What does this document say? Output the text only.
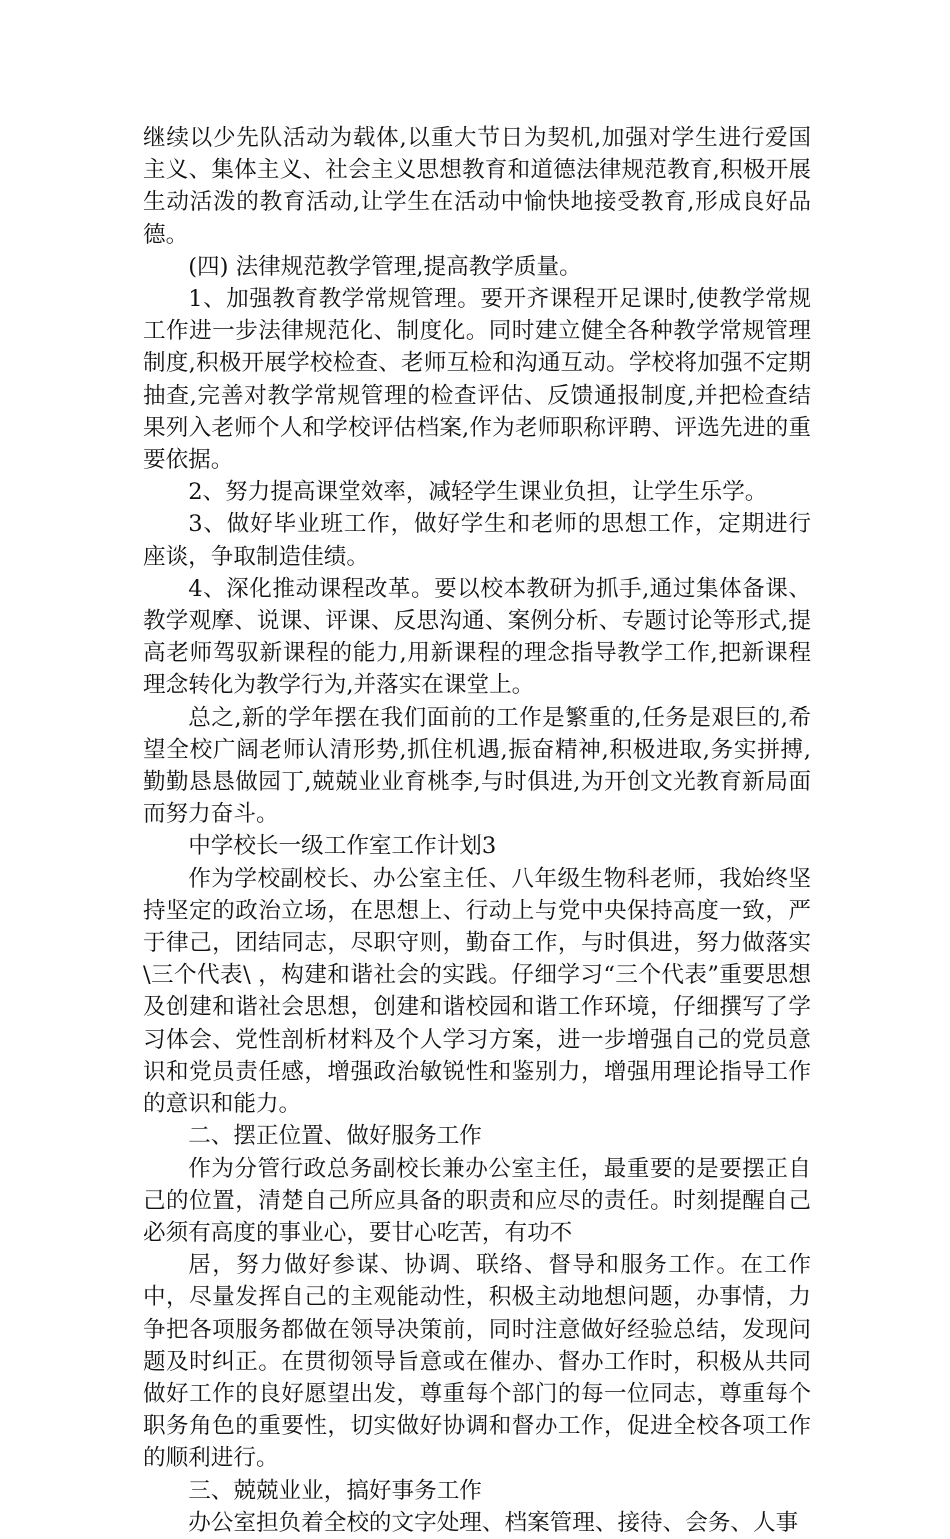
继续以少先队活动为载体,以重大节日为契机,加强对学生进行爱国主义、集体主义、社会主义思想教育和道德法律规范教育,积极开展生动活泼的教育活动,让学生在活动中愉快地接受教育,形成良好品德。

(四) 法律规范教学管理,提高教学质量。

1、加强教育教学常规管理。要开齐课程开足课时,使教学常规工作进一步法律规范化、制度化。同时建立健全各种教学常规管理制度,积极开展学校检查、老师互检和沟通互动。学校将加强不定期抽查,完善对教学常规管理的检查评估、反馈通报制度,并把检查结果列入老师个人和学校评估档案,作为老师职称评聘、评选先进的重要依据。

2、努力提高课堂效率，减轻学生课业负担，让学生乐学。

3、做好毕业班工作，做好学生和老师的思想工作，定期进行座谈，争取制造佳绩。

4、深化推动课程改革。要以校本教研为抓手,通过集体备课、教学观摩、说课、评课、反思沟通、案例分析、专题讨论等形式,提高老师驾驭新课程的能力,用新课程的理念指导教学工作,把新课程理念转化为教学行为,并落实在课堂上。

总之,新的学年摆在我们面前的工作是繁重的,任务是艰巨的,希望全校广阔老师认清形势,抓住机遇,振奋精神,积极进取,务实拼搏,勤勤恳恳做园丁,兢兢业业育桃李,与时俱进,为开创文光教育新局面而努力奋斗。

中学校长一级工作室工作计划3

作为学校副校长、办公室主任、八年级生物科老师，我始终坚持坚定的政治立场，在思想上、行动上与党中央保持高度一致，严于律己，团结同志，尽职守则，勤奋工作，与时俱进，努力做落实\三个代表\ ，构建和谐社会的实践。仔细学习“三个代表”重要思想及创建和谐社会思想，创建和谐校园和谐工作环境，仔细撰写了学习体会、党性剖析材料及个人学习方案，进一步增强自己的党员意识和党员责任感，增强政治敏锐性和鉴别力，增强用理论指导工作的意识和能力。

二、摆正位置、做好服务工作

作为分管行政总务副校长兼办公室主任，最重要的是要摆正自己的位置，清楚自己所应具备的职责和应尽的责任。时刻提醒自己必须有高度的事业心，要甘心吃苦，有功不

居，努力做好参谋、协调、联络、督导和服务工作。在工作中，尽量发挥自己的主观能动性，积极主动地想问题，办事情，力争把各项服务都做在领导决策前，同时注意做好经验总结，发现问题及时纠正。在贯彻领导旨意或在催办、督办工作时，积极从共同做好工作的良好愿望出发，尊重每个部门的每一位同志，尊重每个职务角色的重要性，切实做好协调和督办工作，促进全校各项工作的顺利进行。

三、兢兢业业，搞好事务工作

办公室担负着全校的文字处理、档案管理、接待、会务、人事
